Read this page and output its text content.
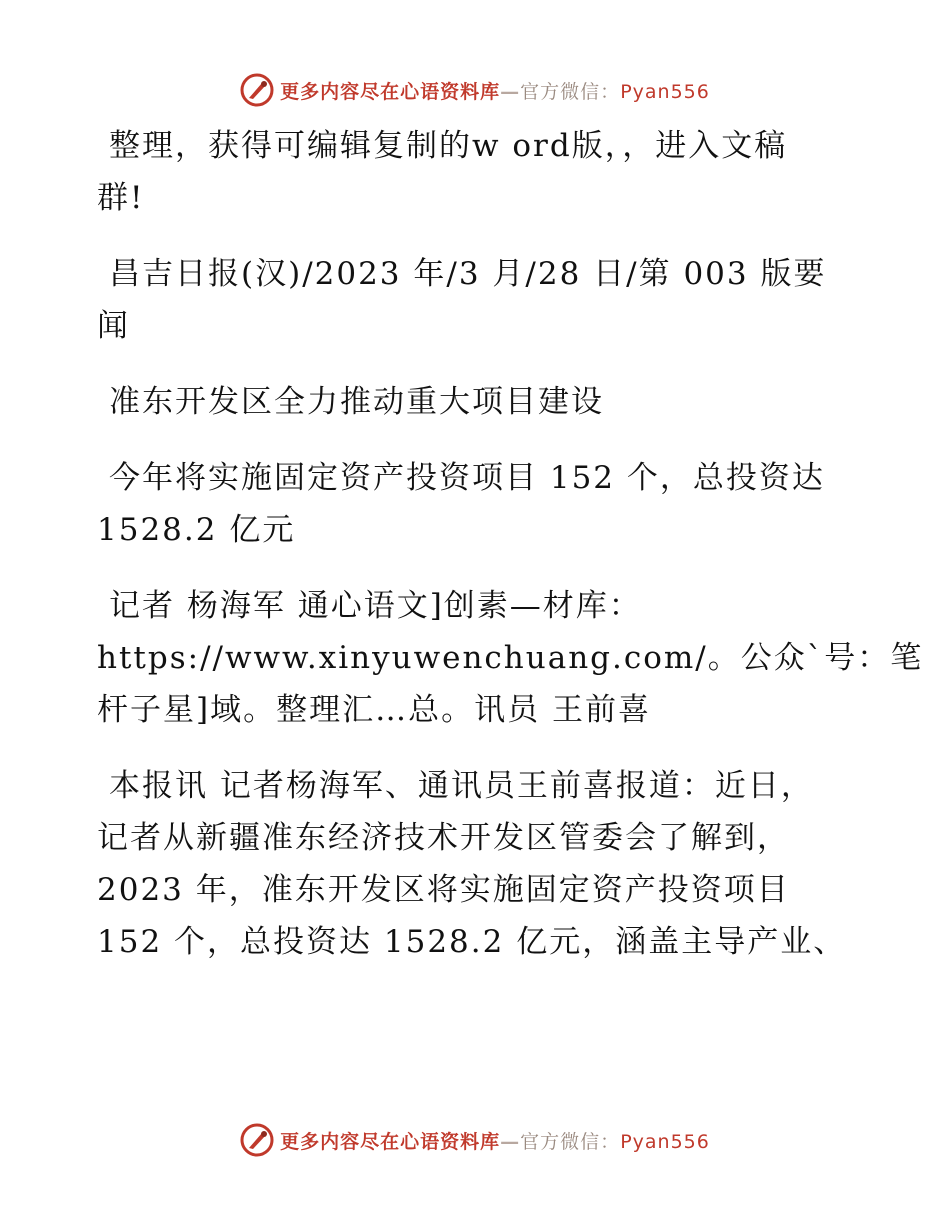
更多内容尽在心语资料库—官方微信：Pyan556

整理，获得可编辑复制的w ord版，，进入文稿
群!

昌吉日报(汉)/2023 年/3 月/28 日/第 003 版要
闻

准东开发区全力推动重大项目建设

今年将实施固定资产投资项目 152 个，总投资达
1528.2 亿元

记者 杨海军 通心语文]创素—材库：
https://www.xinyuwenchuang.com/。公众`号：笔
杆子星]域。整理汇…总。讯员 王前喜

本报讯 记者杨海军、通讯员王前喜报道：近日，
记者从新疆准东经济技术开发区管委会了解到，
2023 年，准东开发区将实施固定资产投资项目
152 个，总投资达 1528.2 亿元，涵盖主导产业、

更多内容尽在心语资料库—官方微信：Pyan556
